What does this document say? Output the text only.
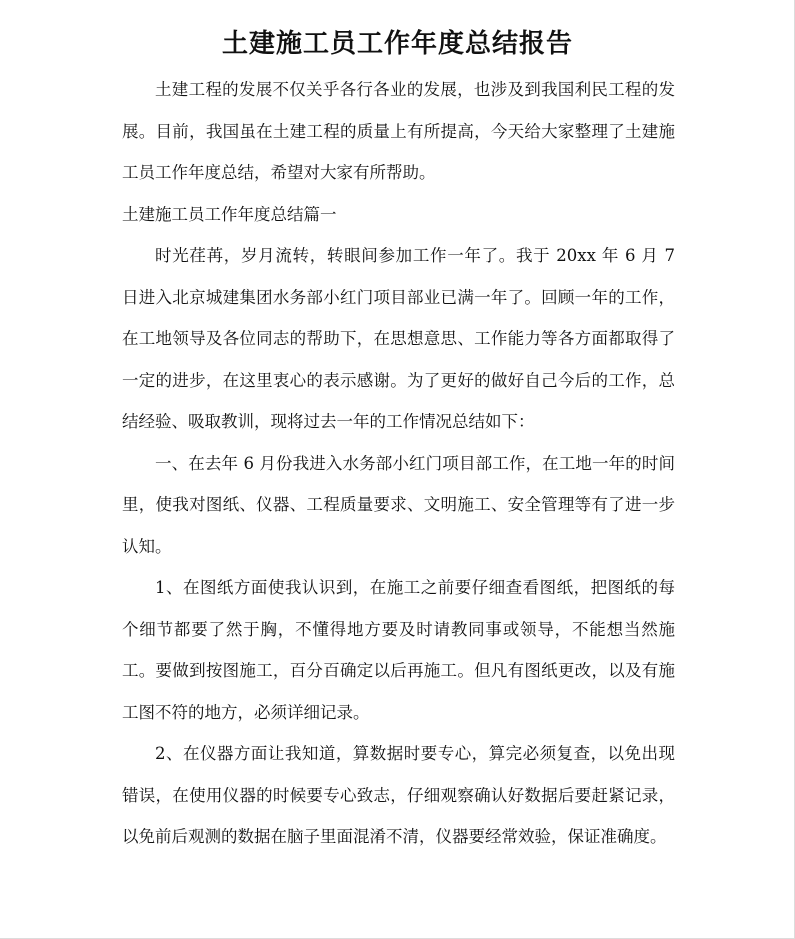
土建施工员工作年度总结报告

土建工程的发展不仅关乎各行各业的发展，也涉及到我国利民工程的发展。目前，我国虽在土建工程的质量上有所提高，今天给大家整理了土建施工员工作年度总结，希望对大家有所帮助。

土建施工员工作年度总结篇一

时光荏苒，岁月流转，转眼间参加工作一年了。我于 20xx 年 6 月 7 日进入北京城建集团水务部小红门项目部业已满一年了。回顾一年的工作，在工地领导及各位同志的帮助下，在思想意思、工作能力等各方面都取得了一定的进步，在这里衷心的表示感谢。为了更好的做好自己今后的工作，总结经验、吸取教训，现将过去一年的工作情况总结如下：

一、在去年 6 月份我进入水务部小红门项目部工作，在工地一年的时间里，使我对图纸、仪器、工程质量要求、文明施工、安全管理等有了进一步认知。

1、在图纸方面使我认识到，在施工之前要仔细查看图纸，把图纸的每个细节都要了然于胸，不懂得地方要及时请教同事或领导，不能想当然施工。要做到按图施工，百分百确定以后再施工。但凡有图纸更改，以及有施工图不符的地方，必须详细记录。

2、在仪器方面让我知道，算数据时要专心，算完必须复查，以免出现错误，在使用仪器的时候要专心致志，仔细观察确认好数据后要赶紧记录，以免前后观测的数据在脑子里面混淆不清，仪器要经常效验，保证准确度。
